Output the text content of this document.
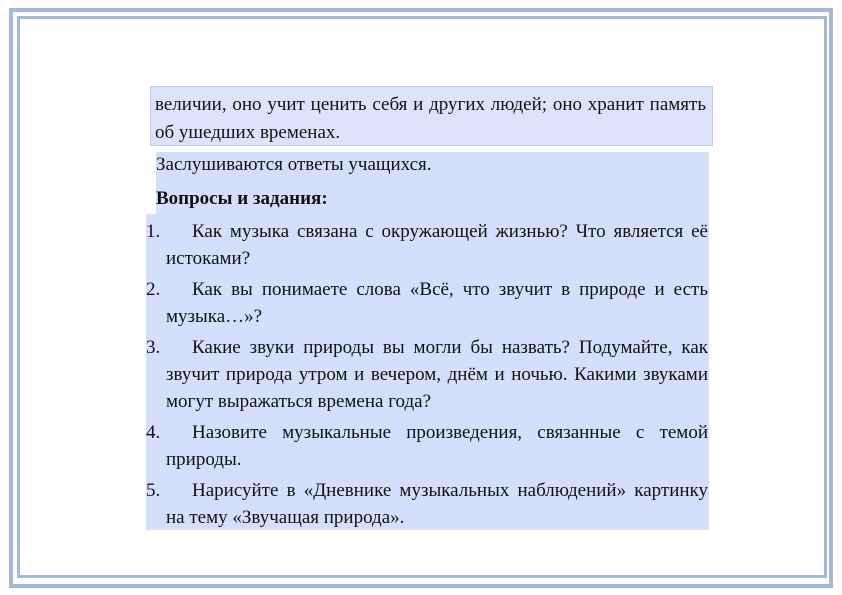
величии, оно учит ценить себя и других людей; оно хранит память об ушедших временах.
Заслушиваются ответы учащихся.
Вопросы и задания:
1.	Как музыка связана с окружающей жизнью? Что является её истоками?
2.	Как вы понимаете слова «Всё, что звучит в природе и есть музыка…»?
3.	Какие звуки природы вы могли бы назвать? Подумайте, как звучит природа утром и вечером, днём и ночью. Какими звуками могут выражаться времена года?
4.	Назовите музыкальные произведения, связанные с темой природы.
5.	Нарисуйте в «Дневнике музыкальных наблюдений» картинку на тему «Звучащая природа».
